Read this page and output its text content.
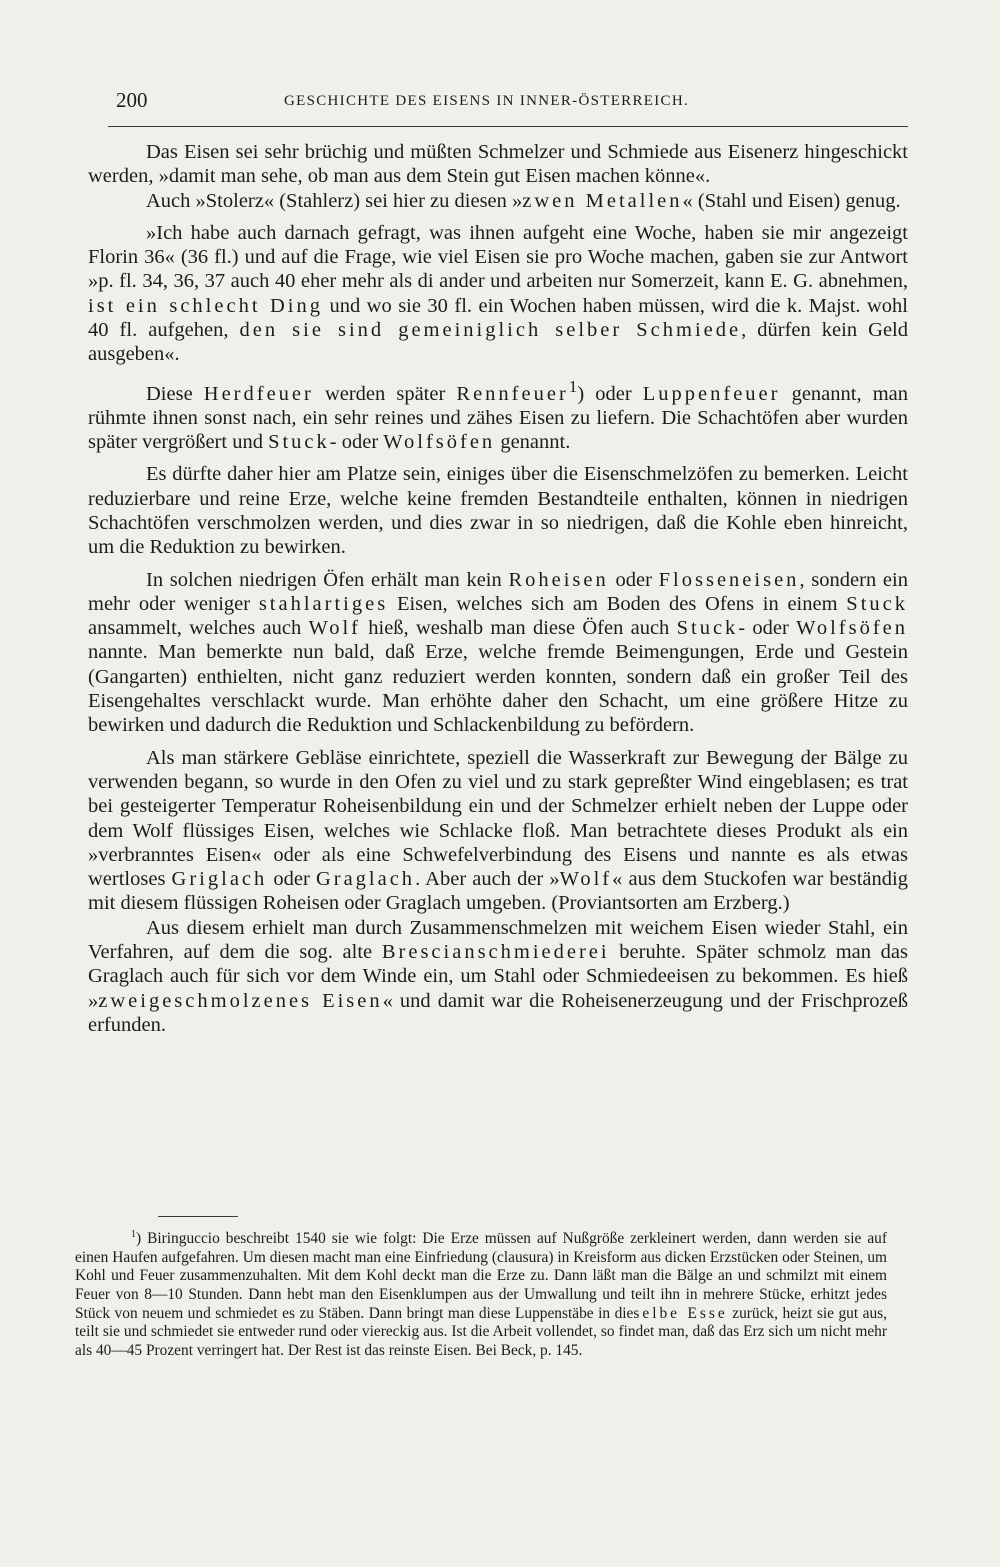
200	GESCHICHTE DES EISENS IN INNER-ÖSTERREICH.

Das Eisen sei sehr brüchig und müßten Schmelzer und Schmiede aus Eisenerz hingeschickt werden, »damit man sehe, ob man aus dem Stein gut Eisen machen könne«.

Auch »Stolerz« (Stahlerz) sei hier zu diesen »zwen Metallen« (Stahl und Eisen) genug.

»Ich habe auch darnach gefragt, was ihnen aufgeht eine Woche, haben sie mir angezeigt Florin 36« (36 fl.) und auf die Frage, wie viel Eisen sie pro Woche machen, gaben sie zur Antwort »p. fl. 34, 36, 37 auch 40 eher mehr als di ander und arbeiten nur Somerzeit, kann E. G. abnehmen, ist ein schlecht Ding und wo sie 30 fl. ein Wochen haben müssen, wird die k. Majst. wohl 40 fl. aufgehen, den sie sind gemeiniglich selber Schmiede, dürfen kein Geld ausgeben«.

Diese Herdfeuer werden später Rennfeuer$^1$) oder Luppenfeuer genannt, man rühmte ihnen sonst nach, ein sehr reines und zähes Eisen zu liefern. Die Schachtöfen aber wurden später vergrößert und Stuck- oder Wolfsöfen genannt.

Es dürfte daher hier am Platze sein, einiges über die Eisenschmelzöfen zu bemerken. Leicht reduzierbare und reine Erze, welche keine fremden Bestandteile enthalten, können in niedrigen Schachtöfen verschmolzen werden, und dies zwar in so niedrigen, daß die Kohle eben hinreicht, um die Reduktion zu bewirken.

In solchen niedrigen Öfen erhält man kein Roheisen oder Flosseneisen, sondern ein mehr oder weniger stahlartiges Eisen, welches sich am Boden des Ofens in einem Stuck ansammelt, welches auch Wolf hieß, weshalb man diese Öfen auch Stuck- oder Wolfsöfen nannte. Man bemerkte nun bald, daß Erze, welche fremde Beimengungen, Erde und Gestein (Gangarten) enthielten, nicht ganz reduziert werden konnten, sondern daß ein großer Teil des Eisengehaltes verschlackt wurde. Man erhöhte daher den Schacht, um eine größere Hitze zu bewirken und dadurch die Reduktion und Schlackenbildung zu befördern.

Als man stärkere Gebläse einrichtete, speziell die Wasserkraft zur Bewegung der Bälge zu verwenden begann, so wurde in den Ofen zu viel und zu stark gepreßter Wind eingeblasen; es trat bei gesteigerter Temperatur Roheisenbildung ein und der Schmelzer erhielt neben der Luppe oder dem Wolf flüssiges Eisen, welches wie Schlacke floß. Man betrachtete dieses Produkt als ein »verbranntes Eisen« oder als eine Schwefelverbindung des Eisens und nannte es als etwas wertloses Griglach oder Graglach. Aber auch der »Wolf« aus dem Stuckofen war beständig mit diesem flüssigen Roheisen oder Graglach umgeben. (Proviantsorten am Erzberg.)

Aus diesem erhielt man durch Zusammenschmelzen mit weichem Eisen wieder Stahl, ein Verfahren, auf dem die sog. alte Brescianschmiederei beruhte. Später schmolz man das Graglach auch für sich vor dem Winde ein, um Stahl oder Schmiedeeisen zu bekommen. Es hieß »zweigeschmolzenes Eisen« und damit war die Roheisenerzeugung und der Frischprozeß erfunden.

$^1$) Biringuccio beschreibt 1540 sie wie folgt: Die Erze müssen auf Nußgröße zerkleinert werden, dann werden sie auf einen Haufen aufgefahren. Um diesen macht man eine Einfriedung (clausura) in Kreisform aus dicken Erzstücken oder Steinen, um Kohl und Feuer zusammenzuhalten. Mit dem Kohl deckt man die Erze zu. Dann läßt man die Bälge an und schmilzt mit einem Feuer von 8—10 Stunden. Dann hebt man den Eisenklumpen aus der Umwallung und teilt ihn in mehrere Stücke, erhitzt jedes Stück von neuem und schmiedet es zu Stäben. Dann bringt man diese Luppenstäbe in dieselbe Esse zurück, heizt sie gut aus, teilt sie und schmiedet sie entweder rund oder viereckig aus. Ist die Arbeit vollendet, so findet man, daß das Erz sich um nicht mehr als 40—45 Prozent verringert hat. Der Rest ist das reinste Eisen. Bei Beck, p. 145.
